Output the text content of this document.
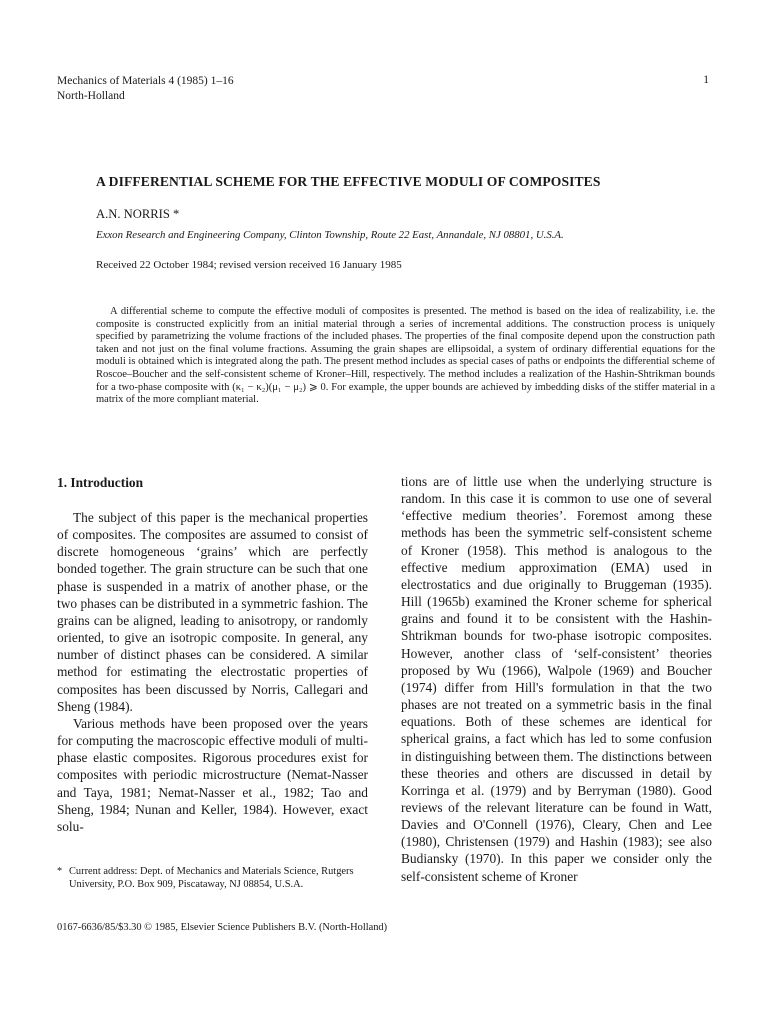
Mechanics of Materials 4 (1985) 1–16
North-Holland
1
A DIFFERENTIAL SCHEME FOR THE EFFECTIVE MODULI OF COMPOSITES
A.N. NORRIS *
Exxon Research and Engineering Company, Clinton Township, Route 22 East, Annandale, NJ 08801, U.S.A.
Received 22 October 1984; revised version received 16 January 1985

A differential scheme to compute the effective moduli of composites is presented. The method is based on the idea of realizability, i.e. the composite is constructed explicitly from an initial material through a series of incremental additions. The construction process is uniquely specified by parametrizing the volume fractions of the included phases. The properties of the final composite depend upon the construction path taken and not just on the final volume fractions. Assuming the grain shapes are ellipsoidal, a system of ordinary differential equations for the moduli is obtained which is integrated along the path. The present method includes as special cases of paths or endpoints the differential scheme of Roscoe–Boucher and the self-consistent scheme of Kroner–Hill, respectively. The method includes a realization of the Hashin-Shtrikman bounds for a two-phase composite with (κ₁ − κ₂)(μ₁ − μ₂) ⩾ 0. For example, the upper bounds are achieved by imbedding disks of the stiffer material in a matrix of the more compliant material.

1. Introduction

The subject of this paper is the mechanical properties of composites. The composites are assumed to consist of discrete homogeneous ‘grains’ which are perfectly bonded together. The grain structure can be such that one phase is suspended in a matrix of another phase, or the two phases can be distributed in a symmetric fashion. The grains can be aligned, leading to anisotropy, or randomly oriented, to give an isotropic composite. In general, any number of distinct phases can be considered. A similar method for estimating the electrostatic properties of composites has been discussed by Norris, Callegari and Sheng (1984).

Various methods have been proposed over the years for computing the macroscopic effective moduli of multi-phase elastic composites. Rigorous procedures exist for composites with periodic microstructure (Nemat-Nasser and Taya, 1981; Nemat-Nasser et al., 1982; Tao and Sheng, 1984; Nunan and Keller, 1984). However, exact solu-

tions are of little use when the underlying structure is random. In this case it is common to use one of several ‘effective medium theories’. Foremost among these methods has been the symmetric self-consistent scheme of Kroner (1958). This method is analogous to the effective medium approximation (EMA) used in electrostatics and due originally to Bruggeman (1935). Hill (1965b) examined the Kroner scheme for spherical grains and found it to be consistent with the Hashin-Shtrikman bounds for two-phase isotropic composites. However, another class of ‘self-consistent’ theories proposed by Wu (1966), Walpole (1969) and Boucher (1974) differ from Hill's formulation in that the two phases are not treated on a symmetric basis in the final equations. Both of these schemes are identical for spherical grains, a fact which has led to some confusion in distinguishing between them. The distinctions between these theories and others are discussed in detail by Korringa et al. (1979) and by Berryman (1980). Good reviews of the relevant literature can be found in Watt, Davies and O'Connell (1976), Cleary, Chen and Lee (1980), Christensen (1979) and Hashin (1983); see also Budiansky (1970). In this paper we consider only the self-consistent scheme of Kroner

* Current address: Dept. of Mechanics and Materials Science, Rutgers University, P.O. Box 909, Piscataway, NJ 08854, U.S.A.
0167-6636/85/$3.30 © 1985, Elsevier Science Publishers B.V. (North-Holland)
